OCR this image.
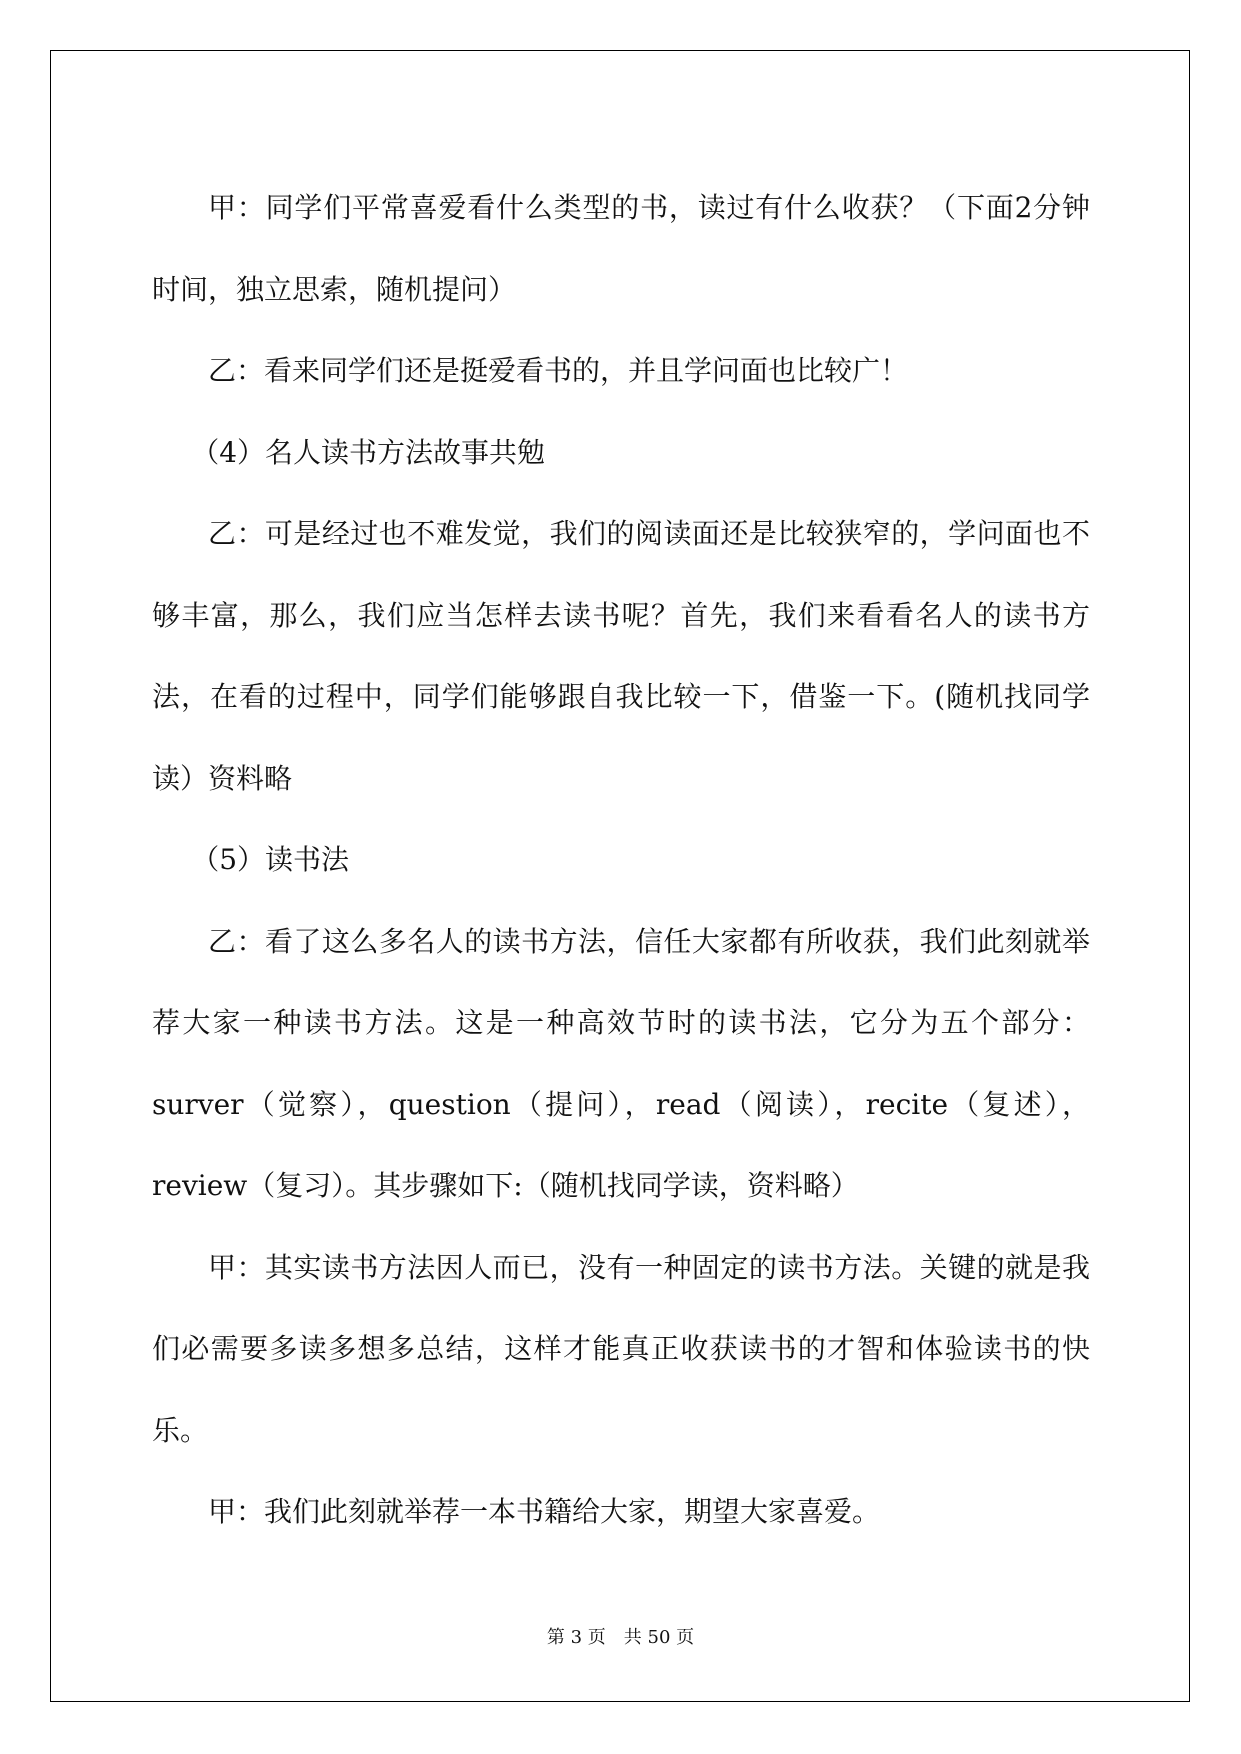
甲：同学们平常喜爱看什么类型的书，读过有什么收获？（下面2分钟时间，独立思索，随机提问）

乙：看来同学们还是挺爱看书的，并且学问面也比较广！

（4）名人读书方法故事共勉

乙：可是经过也不难发觉，我们的阅读面还是比较狭窄的，学问面也不够丰富，那么，我们应当怎样去读书呢？首先，我们来看看名人的读书方法，在看的过程中，同学们能够跟自我比较一下，借鉴一下。(随机找同学读）资料略

（5）读书法

乙：看了这么多名人的读书方法，信任大家都有所收获，我们此刻就举荐大家一种读书方法。这是一种高效节时的读书法，它分为五个部分：surver（觉察），question（提问），read（阅读），recite（复述），review（复习）。其步骤如下:（随机找同学读，资料略）

甲：其实读书方法因人而已，没有一种固定的读书方法。关键的就是我们必需要多读多想多总结，这样才能真正收获读书的才智和体验读书的快乐。

甲：我们此刻就举荐一本书籍给大家，期望大家喜爱。

第 3 页　共 50 页
